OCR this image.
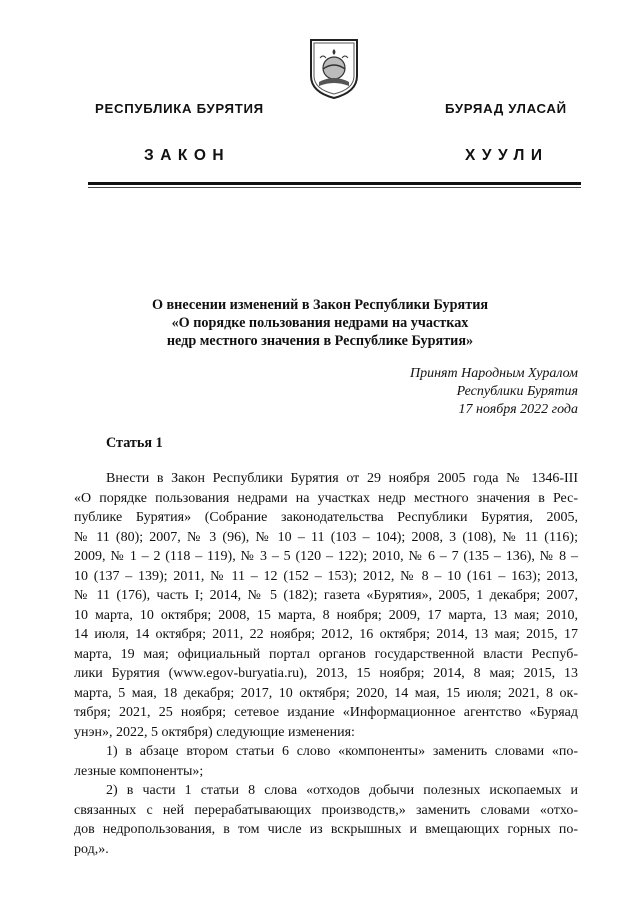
РЕСПУБЛИКА БУРЯТИЯ	БУРЯАД УЛАСАЙ
ЗАКОН	ХУУЛИ
О внесении изменений в Закон Республики Бурятия
«О порядке пользования недрами на участках
недр местного значения в Республике Бурятия»
Принят Народным Хуралом
Республики Бурятия
17 ноября 2022 года
Статья 1
Внести в Закон Республики Бурятия от 29 ноября 2005 года № 1346-III
«О порядке пользования недрами на участках недр местного значения в Рес-
публике Бурятия» (Собрание законодательства Республики Бурятия, 2005,
№ 11 (80); 2007, № 3 (96), № 10 – 11 (103 – 104); 2008, 3 (108), № 11 (116);
2009, № 1 – 2 (118 – 119), № 3 – 5 (120 – 122); 2010, № 6 – 7 (135 – 136), № 8 –
10 (137 – 139); 2011, № 11 – 12 (152 – 153); 2012, № 8 – 10 (161 – 163); 2013,
№ 11 (176), часть I; 2014, № 5 (182); газета «Бурятия», 2005, 1 декабря; 2007,
10 марта, 10 октября; 2008, 15 марта, 8 ноября; 2009, 17 марта, 13 мая; 2010,
14 июля, 14 октября; 2011, 22 ноября; 2012, 16 октября; 2014, 13 мая; 2015, 17
марта, 19 мая; официальный портал органов государственной власти Респуб-
лики Бурятия (www.egov-buryatia.ru), 2013, 15 ноября; 2014, 8 мая; 2015, 13
марта, 5 мая, 18 декабря; 2017, 10 октября; 2020, 14 мая, 15 июля; 2021, 8 ок-
тября; 2021, 25 ноября; сетевое издание «Информационное агентство «Буряад
унэн», 2022, 5 октября) следующие изменения:
1) в абзаце втором статьи 6 слово «компоненты» заменить словами «по-
лезные компоненты»;
2) в части 1 статьи 8 слова «отходов добычи полезных ископаемых и
связанных с ней перерабатывающих производств,» заменить словами «отхо-
дов недропользования, в том числе из вскрышных и вмещающих горных по-
род,».
